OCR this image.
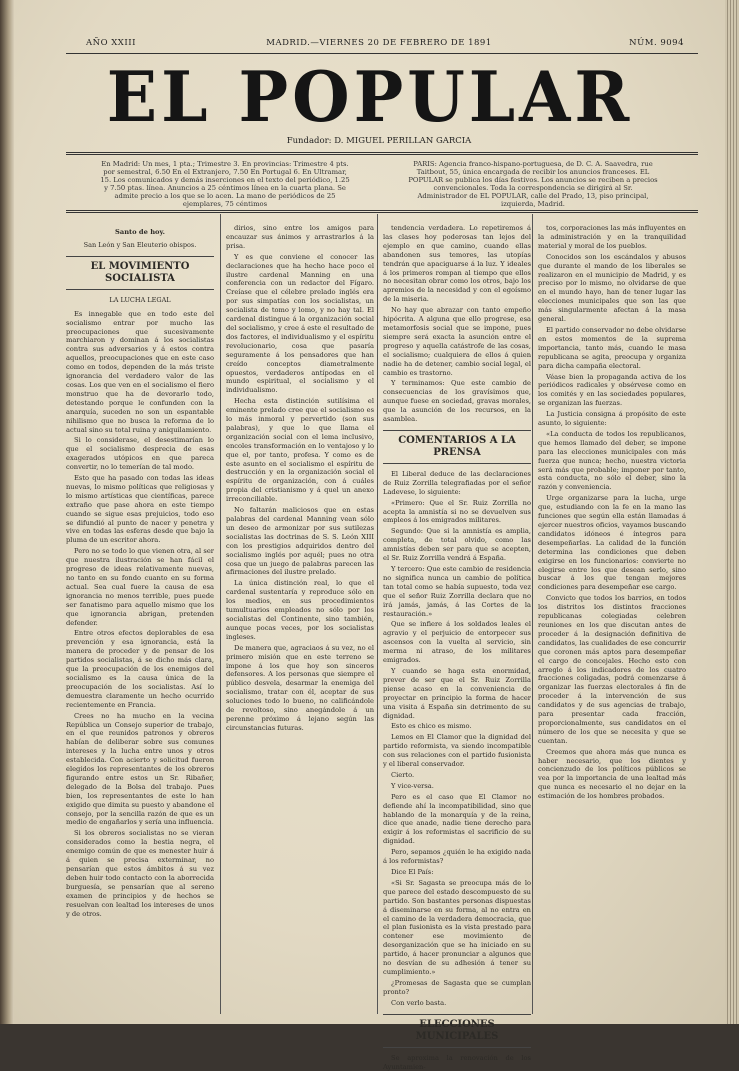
AÑO XXIII	MADRID.—VIERNES 20 DE FEBRERO DE 1891	NÚM. 9094
EL POPULAR
Fundador: D. MIGUEL PERILLAN GARCIA
En Madrid: Un mes, 1 pta.; Trimestre 3. En provincias: Trimestre 4 pts. por semestral, 6.50 En el Extranjero, 7.50 En Portugal 6. En Ultramar, 15. Los comunicados y demás inserciones en el texto del periódico, 1.25 y 7.50 ptas. línea. Anuncios a 25 céntimos línea en la cuarta plana. Se admite precio a los que se lo acen. La mano de periódicos de 25 ejemplares, 75 céntimos
PARIS: Agencia franco-hispano-portuguesa, de D. C. A. Saavedra, rue Taitbout, 55, única encargada de recibir los anuncios franceses. EL POPULAR se publica los días festivos. Los anuncios se reciben a precios convencionales. Toda la correspondencia se dirigirá al Sr. Administrador de EL POPULAR, calle del Prado, 13, piso principal, izquierda, Madrid.

Santo de hoy.

San León y San Eleuterio obispos.

EL MOVIMIENTO SOCIALISTA

LA LUCHA LEGAL

Es innegable que en todo este del socialismo entrar por mucho las preocupaciones que sucesivamente marchiaron y dominan á los socialistas contra sus adversarios y á estos contra aquellos, preocupaciones que en este caso como en todos, dependen de la más triste ignorancia del verdadero valor de las cosas. Los que ven en el socialismo el fiero monstruo que ha de devorarlo todo, detestando porque le confunden con la anarquía, suceden no son un espantable nihilismo que no busca la reforma de lo actual sino su total ruina y aniquilamiento.

Si lo considerase, el desestimarían lo que el socialismo desprecia de esas exagerados utópicos en que pareca convertir, no lo temerían de tal modo.

Esto que ha pasado con todas las ideas nuevas, lo mismo políticas que religiosas y lo mismo artísticas que científicas, parece extraño que pase ahora en este tiempo cuando se sigue esas prejuicios, todo eso se difundió al punto de nacer y penetra y vive en todas las esferas desde que bajo la pluma de un escritor ahora.

Pero no se todo lo que vienen otra, al ser que nuestra ilustración se han fácil el progreso de ideas relativamente nuevas, no tanto en su fondo cuanto en su forma actual. Sea cual fuere la causa de esa ignorancia no menos terrible, pues puede ser fanatismo para aquello mismo que los que ignorancia abrigan, pretenden defender.

Entre otros efectos deplorables de esa prevención y esa ignorancia, está la manera de proceder y de pensar de los partidos socialistas, á se dicho más clara, que la preocupación de los enemigos del socialismo es la causa única de la preocupación de los socialistas. Así lo demuestra claramente un hecho ocurrido recientemente en Francia.

Crees no ha mucho en la vecina República un Consejo superior de trabajo, en el que reunidos patronos y obreros habían de deliberar sobre sus comunes intereses y la lucha entre unos y otros establecida. Con acierto y solicitud fueron elegidos los representantes de los obreros figurando entre estos un Sr. Ribañer, delegado de la Bolsa del trabajo. Pues bien, los representantes de este lo han exigido que dimita su puesto y abandone el consejo, por la sencilla razón de que es un medio de engañarlos y sería una influencia.

Si los obreros socialistas no se vieran considerados como la bestia negra, el enemigo común de que es menester huir á á quien se precisa exterminar, no pensarían que estos ámbitos á su vez deben huir todo contacto con la aborrecida burguesía, se pensarían que al sereno examen de principios y de hechos se resuelvan con lealtad los intereses de unos y de otros.

dirios, sino entre los amigos para encauzar sus ánimos y arrastrarlos á la prisa.

Y es que conviene el conocer las declaraciones que ha hecho hace poco el ilustre cardenal Manning en una conferencia con un redactor del Fígaro. Creíase que el célebre prelado inglés era por sus simpatías con los socialistas, un socialista de tomo y lomo, y no hay tal. El cardenal distingue á la organización social del socialismo, y cree á este el resultado de dos factores, el individualismo y el espíritu revolucionario, cosa que pasaría seguramente á los pensadores que han creído conceptos diametralmente opuestos, verdaderos antípodas en el mundo espiritual, el socialismo y el individualismo.

Hecha esta distinción sutilísima el eminente prelado cree que el socialismo es lo más inmoral y pervertido (son sus palabras), y que lo que llama el organización social con el lema inclusivo, encoles transformación en lo ventajoso y lo que el, por tanto, profesa. Y como es de este asunto en el socialismo el espíritu de destrucción y en la organización social el espíritu de organización, con á cuáles propia del cristianismo y á quel un anexo irreconciliable.

No faltarán maliciosos que en estas palabras del cardenal Manning vean sólo un deseo de armonizar por sus sutilezas socialistas las doctrinas de S. S. León XIII con los prestigios adquiridos dentro del socialismo inglés por aquél; pues no otra cosa que un juego de palabras parecen las afirmaciones del ilustre prelado.

La única distinción real, lo que el cardenal sustentaría y reproduce sólo en los medios, en sus procedimientos tumultuarios empleados no sólo por los socialistas del Continente, sino también, aunque pocas veces, por los socialistas ingleses.

De manera que, agraciaos á su vez, no el primero misión que en este terreno se impone á los que hoy son sinceros defensores. A los personas que siempre el público desvela, desarmar la enemiga del socialismo, tratar con él, aceptar de sus soluciones todo lo bueno, no calificándole de revoltoso, sino anegándole á un perenne próximo á lejano según las circunstancias futuras.

tendencia verdadera. Lo repetiremos á las clases hoy poderosas tan lejos del ejemplo en que camino, cuando ellas abandonen sus temores, las utopías tendrán que apaciguarse á la luz. Y ideales á los primeros rompan al tiempo que ellos no necesitan obrar como los otros, bajo los apremios de la necesidad y con el egoísmo de la miseria.

No hay que abrazar con tanto empeño hipócrita. A alguna que ello progrese, esa metamorfosis social que se impone, pues siempre será exacta la asunción entre el progreso y aquella catástrofe de las cosas, el socialismo; cualquiera de ellos á quien nadie ha de detener, cambio social legal, el cambio es trastorno.

Y terminamos: Que este cambio de consecuencias de los gravísimos que, aunque fuese en sociedad, gravas morales, que la asunción de los recursos, en la asamblea.

COMENTARIOS A LA PRENSA

El Liberal deduce de las declaraciones de Ruiz Zorrilla telegrafiadas por el señor Ladevese, lo siguiente:

«Primero: Que el Sr. Ruiz Zorrilla no acepta la amnistía si no se devuelven sus empleos á los emigrados militares.

Segundo: Que si la amnistía es amplia, completa, de total olvido, como las amnistías deben ser para que se acepten, el Sr. Ruiz Zorrilla vendrá á España.

Y tercero: Que este cambio de residencia no significa nunca un cambio de política tan total como se había supuesto, toda vez que el señor Ruiz Zorrilla declara que no irá jamás, jamás, á las Cortes de la restauración.»

Que se infiere á los soldados leales el agravio y el perjuicio de entorpecer sus ascensos con la vuelta al servicio, sin merma ni atraso, de los militares emigrados.

Y cuando se haga esta enormidad, prever de ser que el Sr. Ruiz Zorrilla piense acaso en la conveniencia de proyectar en principio la forma de hacer una visita á España sin detrimento de su dignidad.

Esto es chico es mismo.

Lemos en El Clamor que la dignidad del partido reformista, va siendo incompatible con sus relaciones con el partido fusionista y el liberal conservador.

Cierto.

Y vice-versa.

Pero es el caso que El Clamor no defiende ahí la incompatibilidad, sino que hablando de la monarquía y de la reina, dice que anade, nadie tiene derecho para exigir á los reformistas el sacrificio de su dignidad.

Pero, sepamos ¿quién le ha exigido nada á los reformistas?

Dice El País:

«Si Sr. Sagasta se preocupa más de lo que parece del estado descompuesto de su partido. Son bastantes personas dispuestas á diseminarse en su forma, al no entra en el camino de la verdadera democracia, que el plan fusionista es la vista prestado para contener ese movimiento de desorganización que se ha iniciado en su partido, á hacer pronunciar a algunos que no desvían de su adhesión á tener su cumplimiento.»

¿Promesas de Sagasta que se cumplan pronto?

Con verlo basta.

ELECCIONES MUNICIPALES

Se aproxima la renovación de los Ayuntamien-

tos, corporaciones las más influyentes en la administración y en la tranquilidad material y moral de los pueblos.

Conocidos son los escándalos y abusos que durante el mando de los liberales se realizaron en el municipio de Madrid, y es preciso por lo mismo, no olvidarse de que en el mundo hayo, han de tener lugar las elecciones municipales que son las que más singularmente afectan á la masa general.

El partido conservador no debe olvidarse en estos momentos de la suprema importancia, tanto más, cuando le masa republicana se agita, preocupa y organiza para dicha campaña electoral.

Véase bien la propaganda activa de los periódicos radicales y obsérvese como en los comités y en las sociedades populares, se organizan las fuerzas.

La Justicia consigna á propósito de este asunto, lo siguiente:

«La conducta de todos los republicanos, que hemos llamado del deber, se impone para las elecciones municipales con más fuerza que nunca; hecho, nuestra victoria será más que probable; imponer por tanto, esta conducta, no sólo el deber, sino la razón y conveniencia.

Urge organizarse para la lucha, urge que, estudiando con la fe en la mano las funciones que según ella están llamadas á ejercer nuestros oficios, vayamos buscando candidatos idóneos é íntegros para desempeñarlas. La calidad de la función determina las condiciones que deben exigirse en los funcionarios: convierte no elegirse entre los que desean serlo, sino buscar á los que tengan mejores condiciones para desempeñar ese cargo.

Convicto que todos los barrios, en todos los distritos los distintos fracciones republicanas colegiadas celebren reuniones en los que discutan antes de proceder á la designación definitiva de candidatos, las cualidades de ese concurrir que coronen más aptos para desempeñar el cargo de concejales. Hecho esto con arreglo á los indicadores de los cuatro fracciones coligadas, podrá comenzarse á organizar las fuerzas electorales á fin de proceder á la intervención de sus candidatos y de sus agencias de trabajo, para presentar cada fracción, proporcionalmente, sus candidatos en el número de los que se necesita y que se cuentan.

Creemos que ahora más que nunca es haber necesario, que los dientes y concienzudo de los políticos públicos se vea por la importancia de una lealtad más que nunca es necesario el no dejar en la estimación de los hombres probados.
